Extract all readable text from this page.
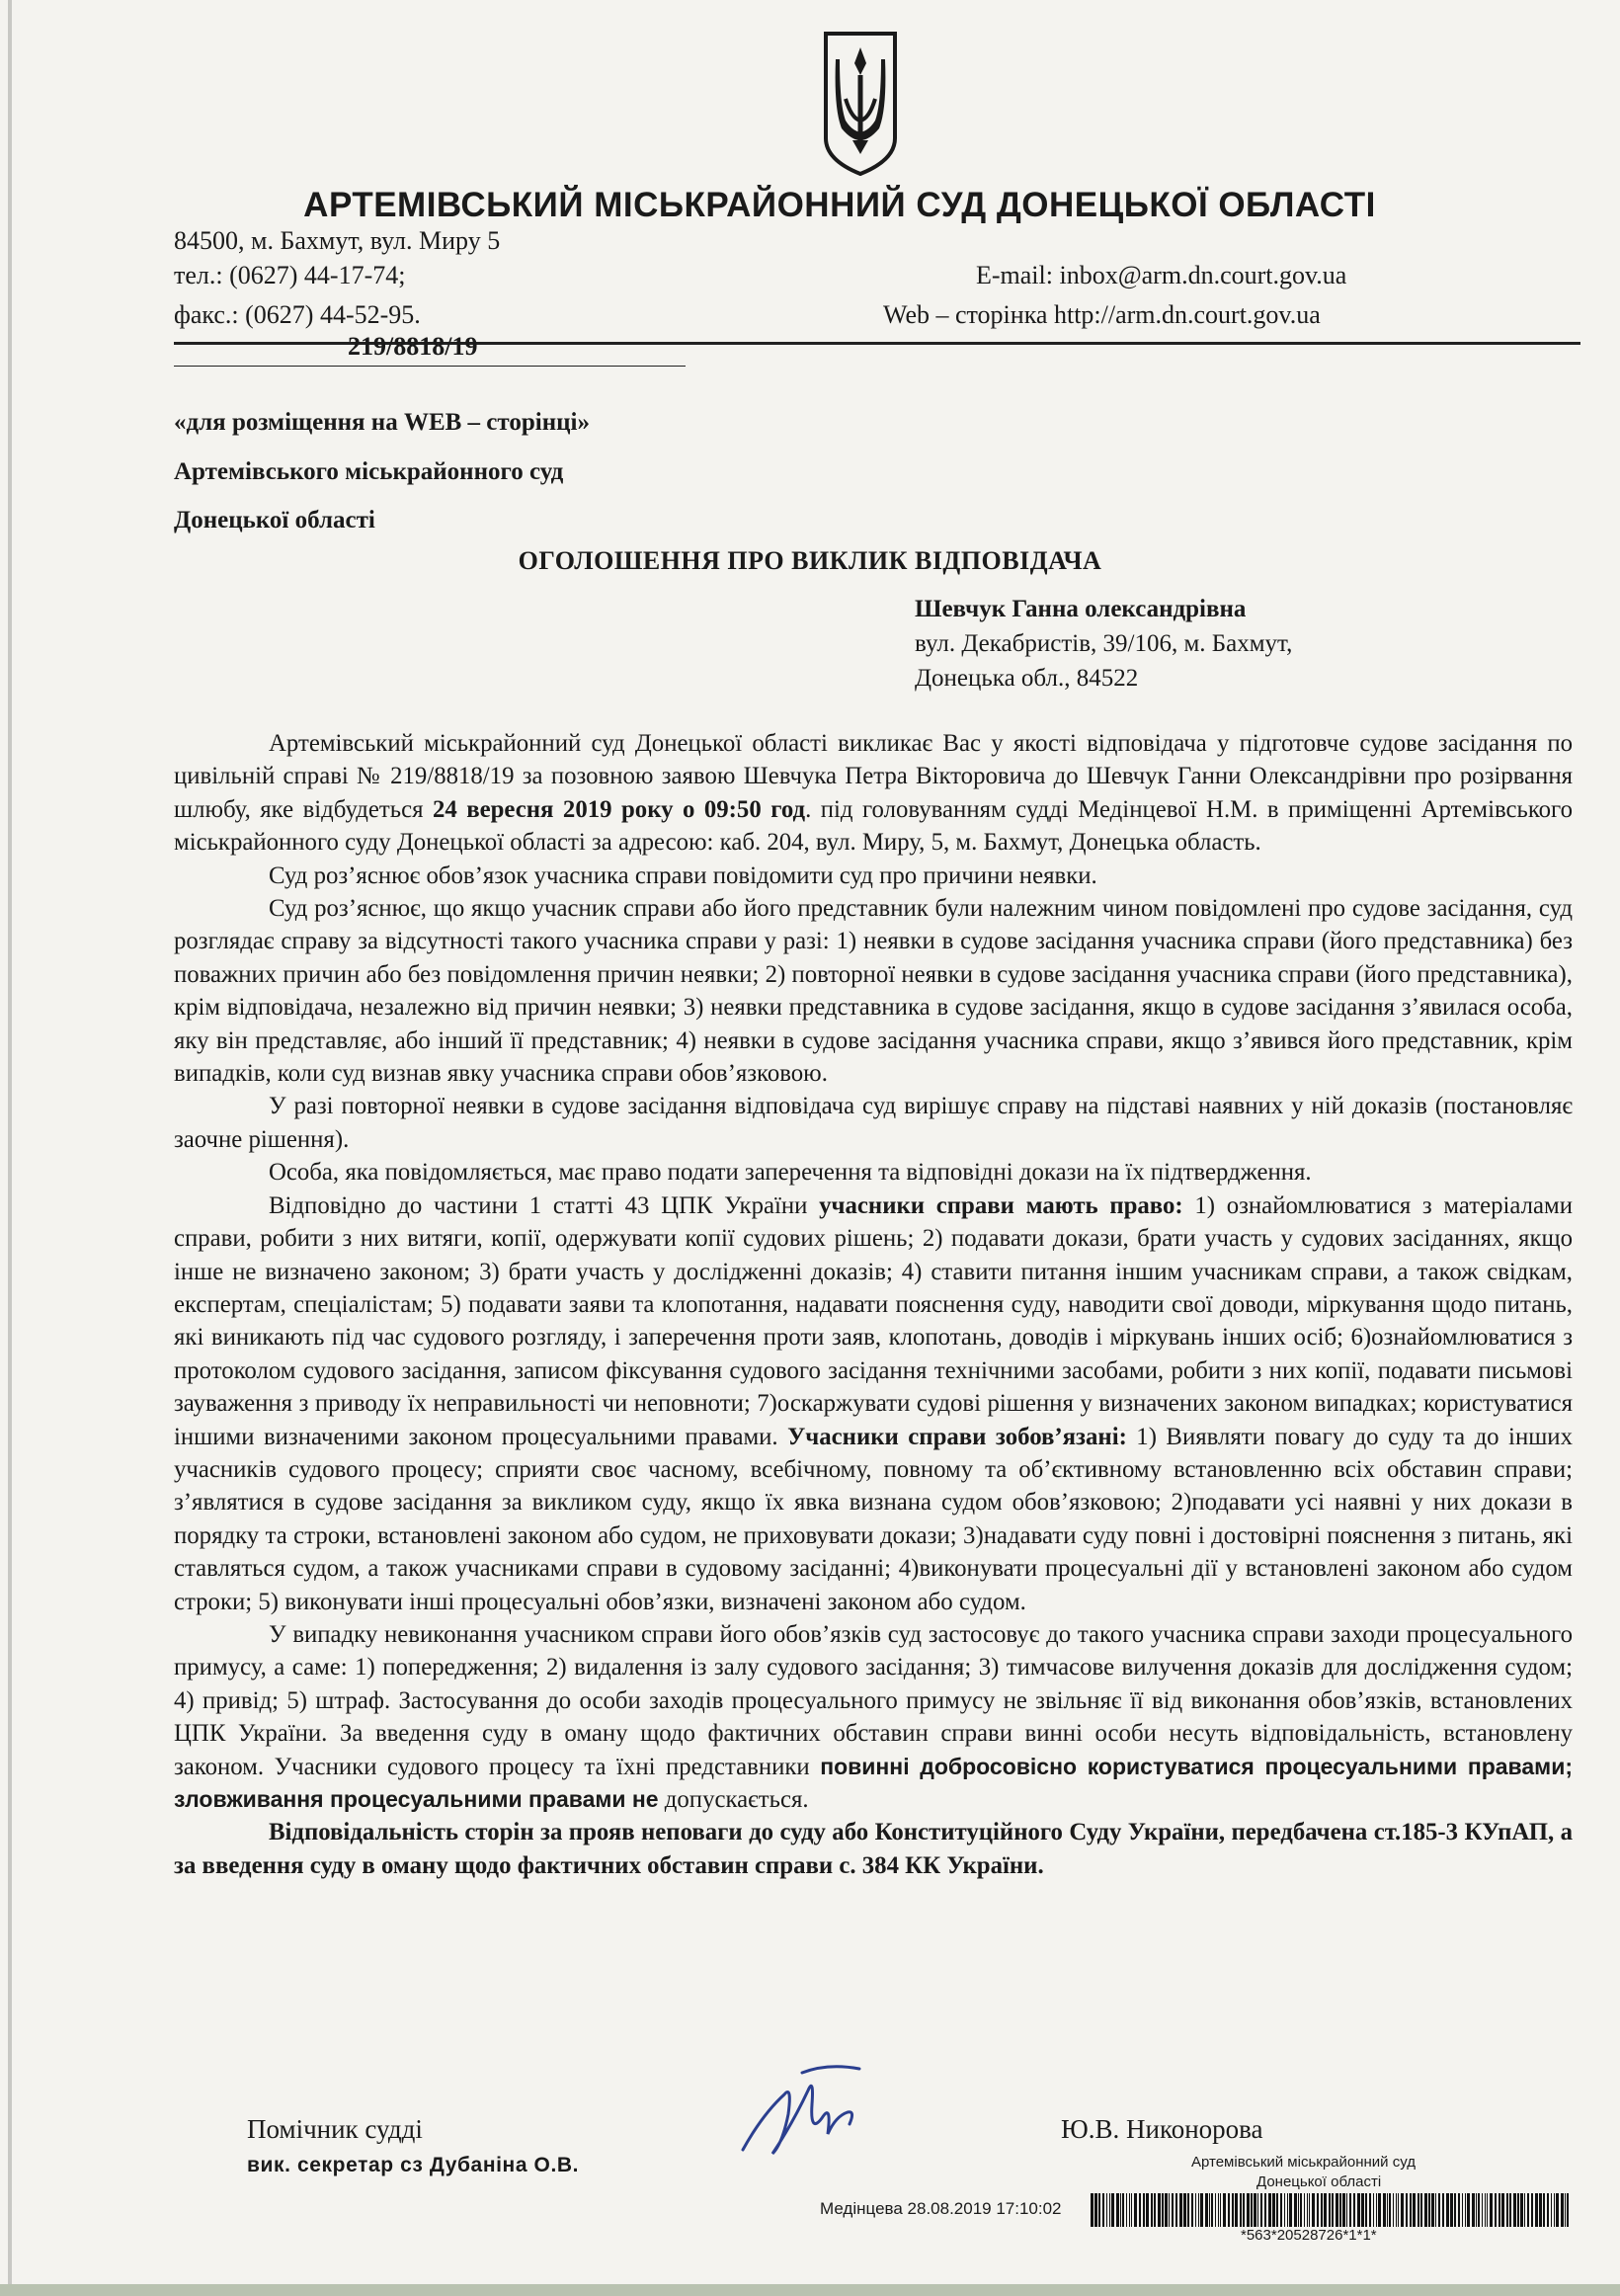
АРТЕМІВСЬКИЙ МІСЬКРАЙОННИЙ СУД ДОНЕЦЬКОЇ ОБЛАСТІ
84500, м. Бахмут, вул. Миру 5
тел.: (0627) 44-17-74;	E-mail: inbox@arm.dn.court.gov.ua
факс.: (0627) 44-52-95.	Web – сторінка http://arm.dn.court.gov.ua
219/8818/19
«для розміщення на WEB – сторінці»
Артемівського міськрайонного суд
Донецької області
ОГОЛОШЕННЯ ПРО ВИКЛИК ВІДПОВІДАЧА
Шевчук Ганна олександрівна
вул. Декабристів, 39/106, м. Бахмут,
Донецька обл., 84522

Артемівський міськрайонний суд Донецької області викликає Вас у якості відповідача у підготовче судове засідання по цивільній справі № 219/8818/19 за позовною заявою Шевчука Петра Вікторовича до Шевчук Ганни Олександрівни про розірвання шлюбу, яке відбудеться 24 вересня 2019 року о 09:50 год. під головуванням судді Медінцевої Н.М. в приміщенні Артемівського міськрайонного суду Донецької області за адресою: каб. 204, вул. Миру, 5, м. Бахмут, Донецька область.

Суд роз’яснює обов’язок учасника справи повідомити суд про причини неявки.

Суд роз’яснює, що якщо учасник справи або його представник були належним чином повідомлені про судове засідання, суд розглядає справу за відсутності такого учасника справи у разі: 1) неявки в судове засідання учасника справи (його представника) без поважних причин або без повідомлення причин неявки; 2) повторної неявки в судове засідання учасника справи (його представника), крім відповідача, незалежно від причин неявки; 3) неявки представника в судове засідання, якщо в судове засідання з’явилася особа, яку він представляє, або інший її представник; 4) неявки в судове засідання учасника справи, якщо з’явився його представник, крім випадків, коли суд визнав явку учасника справи обов’язковою.

У разі повторної неявки в судове засідання відповідача суд вирішує справу на підставі наявних у ній доказів (постановляє заочне рішення).

Особа, яка повідомляється, має право подати заперечення та відповідні докази на їх підтвердження.

Відповідно до частини 1 статті 43 ЦПК України учасники справи мають право: 1) ознайомлюватися з матеріалами справи, робити з них витяги, копії, одержувати копії судових рішень; 2) подавати докази, брати участь у судових засіданнях, якщо інше не визначено законом; 3) брати участь у дослідженні доказів; 4) ставити питання іншим учасникам справи, а також свідкам, експертам, спеціалістам; 5) подавати заяви та клопотання, надавати пояснення суду, наводити свої доводи, міркування щодо питань, які виникають під час судового розгляду, і заперечення проти заяв, клопотань, доводів і міркувань інших осіб; 6)ознайомлюватися з протоколом судового засідання, записом фіксування судового засідання технічними засобами, робити з них копії, подавати письмові зауваження з приводу їх неправильності чи неповноти; 7)оскаржувати судові рішення у визначених законом випадках; користуватися іншими визначеними законом процесуальними правами. Учасники справи зобов’язані: 1) Виявляти повагу до суду та до інших учасників судового процесу; сприяти своє часному, всебічному, повному та об’єктивному встановленню всіх обставин справи; з’являтися в судове засідання за викликом суду, якщо їх явка визнана судом обов’язковою; 2)подавати усі наявні у них докази в порядку та строки, встановлені законом або судом, не приховувати докази; 3)надавати суду повні і достовірні пояснення з питань, які ставляться судом, а також учасниками справи в судовому засіданні; 4)виконувати процесуальні дії у встановлені законом або судом строки; 5) виконувати інші процесуальні обов’язки, визначені законом або судом.

У випадку невиконання учасником справи його обов’язків суд застосовує до такого учасника справи заходи процесуального примусу, а саме: 1) попередження; 2) видалення із залу судового засідання; 3) тимчасове вилучення доказів для дослідження судом; 4) привід; 5) штраф. Застосування до особи заходів процесуального примусу не звільняє її від виконання обов’язків, встановлених ЦПК України. За введення суду в оману щодо фактичних обставин справи винні особи несуть відповідальність, встановлену законом. Учасники судового процесу та їхні представники повинні добросовісно користуватися процесуальними правами; зловживання процесуальними правами не допускається.

Відповідальність сторін за прояв неповаги до суду або Конституційного Суду України, передбачена ст.185-3 КУпАП, а за введення суду в оману щодо фактичних обставин справи с. 384 КК України.

Помічник судді
вик. секретар сз Дубаніна О.В.
Ю.В. Никонорова
Артемівський міськрайонний суд
Донецької області
Медінцева 28.08.2019 17:10:02
*563*20528726*1*1*
